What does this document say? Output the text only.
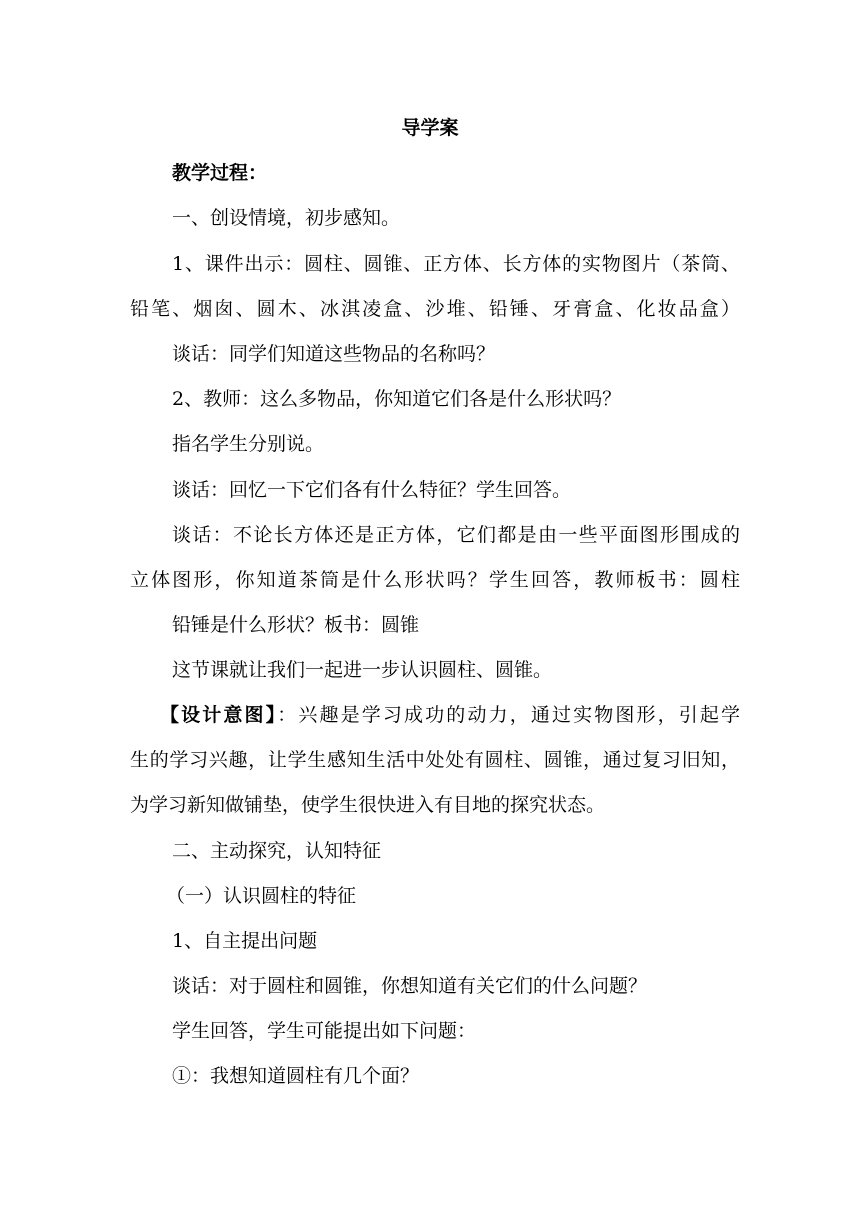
导学案
教学过程：
一、创设情境，初步感知。
1、课件出示：圆柱、圆锥、正方体、长方体的实物图片（茶筒、
铅笔、烟囱、圆木、冰淇凌盒、沙堆、铅锤、牙膏盒、化妆品盒）
谈话：同学们知道这些物品的名称吗？
2、教师：这么多物品，你知道它们各是什么形状吗？
指名学生分别说。
谈话：回忆一下它们各有什么特征？学生回答。
谈话：不论长方体还是正方体，它们都是由一些平面图形围成的
立体图形，你知道茶筒是什么形状吗？学生回答，教师板书：圆柱
铅锤是什么形状？板书：圆锥
这节课就让我们一起进一步认识圆柱、圆锥。
【设计意图】：兴趣是学习成功的动力，通过实物图形，引起学
生的学习兴趣，让学生感知生活中处处有圆柱、圆锥，通过复习旧知，
为学习新知做铺垫，使学生很快进入有目地的探究状态。
二、主动探究，认知特征
（一）认识圆柱的特征
1、自主提出问题
谈话：对于圆柱和圆锥，你想知道有关它们的什么问题？
学生回答，学生可能提出如下问题：
①：我想知道圆柱有几个面？
